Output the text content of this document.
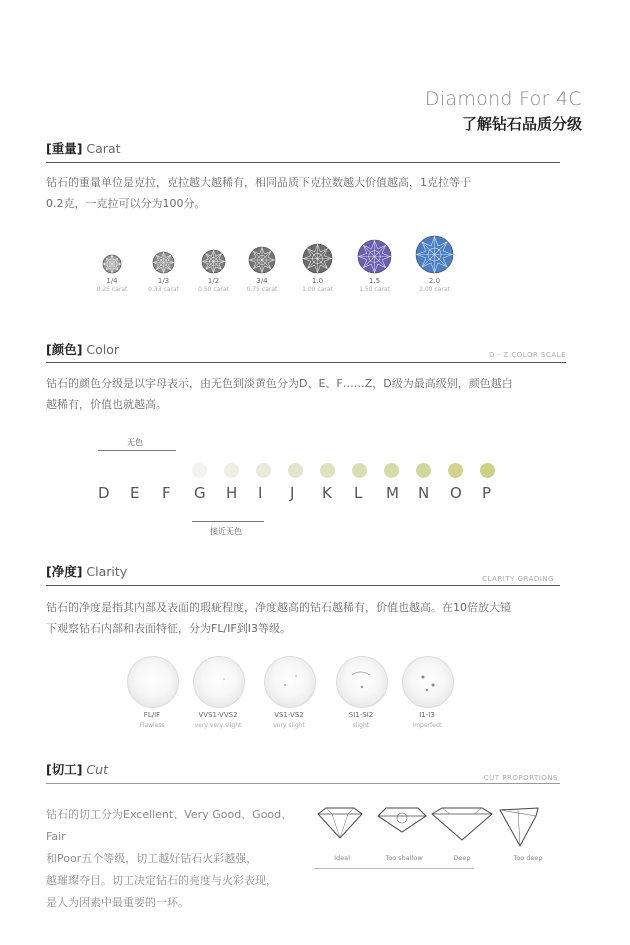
Diamond For 4C
了解钻石品质分级
[重量] Carat
钻石的重量单位是克拉，克拉越大越稀有，相同品质下克拉数越大价值越高，1克拉等于
0.2克，一克拉可以分为100分。
1/4
0.25 carat
1/3
0.33 carat
1/2
0.50 carat
3/4
0.75 carat
1.0
1.00 carat
1.5
1.50 carat
2.0
2.00 carat
[颜色] Color	D - Z COLOR SCALE
钻石的颜色分级是以字母表示，由无色到淡黄色分为D、E、F……Z，D级为最高级别，颜色越白
越稀有，价值也就越高。
无色
D E F G H I J K L M N O P
接近无色
[净度] Clarity	CLARITY GRADING
钻石的净度是指其内部及表面的瑕疵程度，净度越高的钻石越稀有，价值也越高。在10倍放大镜
下观察钻石内部和表面特征，分为FL/IF到I3等级。
FL/IF
Flawless
VVS1-VVS2
very very slight
VS1-VS2
very slight
SI1-SI2
slight
I1-I3
imperfect
[切工] Cut
CUT PROPORTIONS
钻石的切工分为Excellent、Very Good、Good、Fair
和Poor五个等级，切工越好钻石火彩越强，
越璀璨夺目。切工决定钻石的亮度与火彩表现，
是人为因素中最重要的一环。
Ideal	Too shallow	Deep	Too deep
